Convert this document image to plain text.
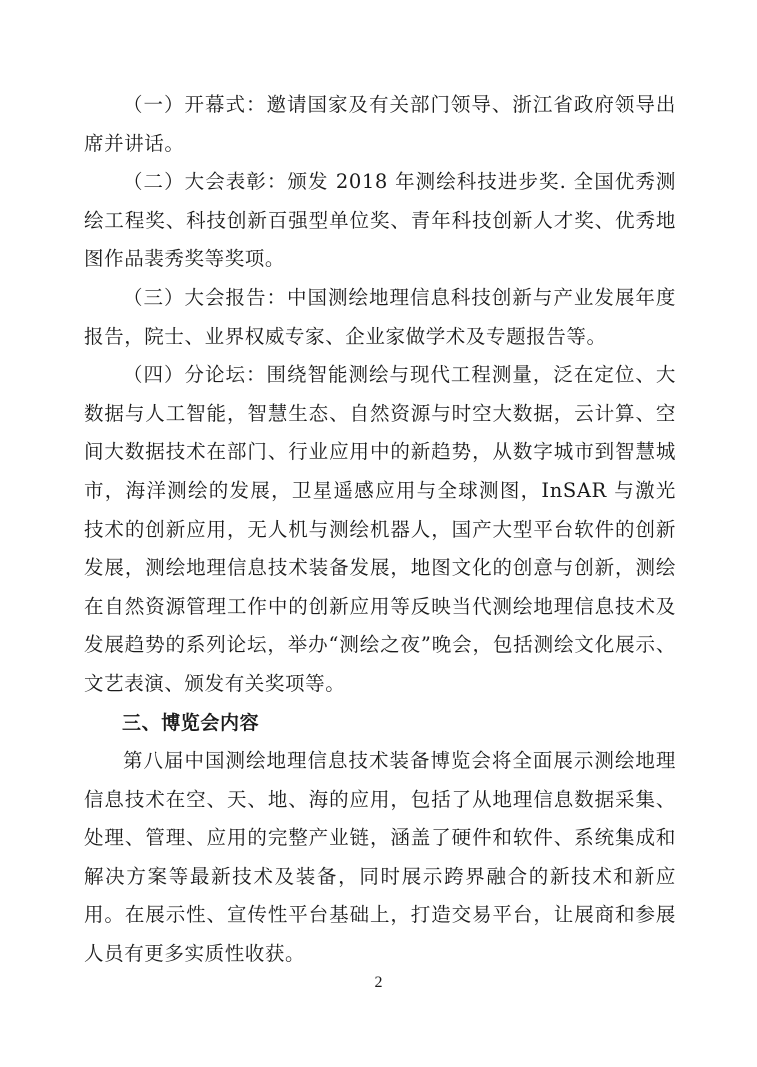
（一）开幕式：邀请国家及有关部门领导、浙江省政府领导出席并讲话。

（二）大会表彰：颁发 2018 年测绘科技进步奖. 全国优秀测绘工程奖、科技创新百强型单位奖、青年科技创新人才奖、优秀地图作品裴秀奖等奖项。

（三）大会报告：中国测绘地理信息科技创新与产业发展年度报告，院士、业界权威专家、企业家做学术及专题报告等。

（四）分论坛：围绕智能测绘与现代工程测量，泛在定位、大数据与人工智能，智慧生态、自然资源与时空大数据，云计算、空间大数据技术在部门、行业应用中的新趋势，从数字城市到智慧城市，海洋测绘的发展，卫星遥感应用与全球测图，InSAR 与激光技术的创新应用，无人机与测绘机器人，国产大型平台软件的创新发展，测绘地理信息技术装备发展，地图文化的创意与创新，测绘在自然资源管理工作中的创新应用等反映当代测绘地理信息技术及发展趋势的系列论坛，举办“测绘之夜”晚会，包括测绘文化展示、文艺表演、颁发有关奖项等。

三、博览会内容

第八届中国测绘地理信息技术装备博览会将全面展示测绘地理信息技术在空、天、地、海的应用，包括了从地理信息数据采集、处理、管理、应用的完整产业链，涵盖了硬件和软件、系统集成和解决方案等最新技术及装备，同时展示跨界融合的新技术和新应用。在展示性、宣传性平台基础上，打造交易平台，让展商和参展人员有更多实质性收获。

2
